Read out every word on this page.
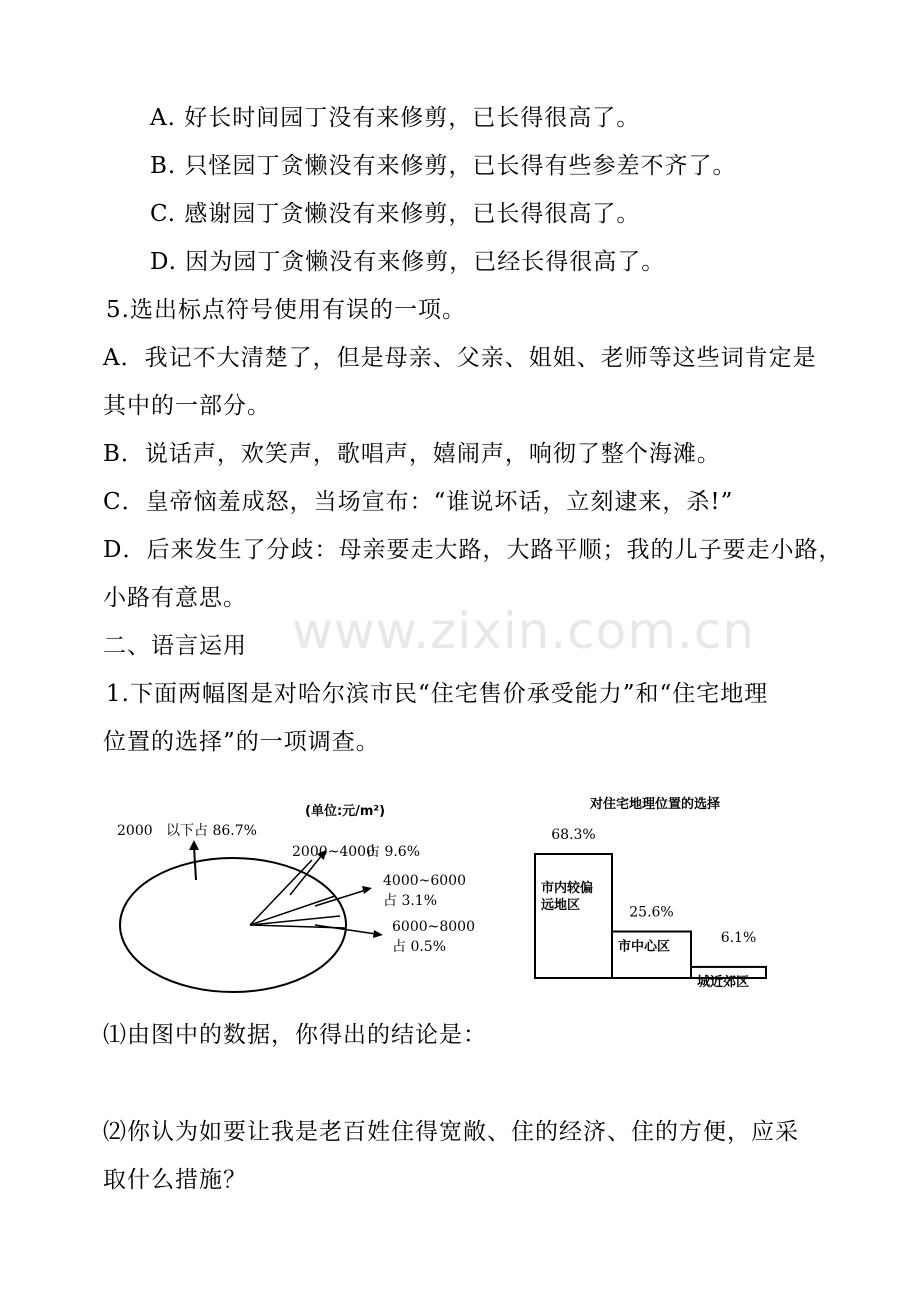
www.zixin.com.cn
A. 好长时间园丁没有来修剪，已长得很高了。
B. 只怪园丁贪懒没有来修剪，已长得有些参差不齐了。
C. 感谢园丁贪懒没有来修剪，已长得很高了。
D. 因为园丁贪懒没有来修剪，已经长得很高了。
5.选出标点符号使用有误的一项。
A．我记不大清楚了，但是母亲、父亲、姐姐、老师等这些词肯定是
其中的一部分。
B．说话声，欢笑声，歌唱声，嬉闹声，响彻了整个海滩。
C．皇帝恼羞成怒，当场宣布：“谁说坏话，立刻逮来，杀!”
D．后来发生了分歧：母亲要走大路，大路平顺；我的儿子要走小路，
小路有意思。
二、语言运用
1.下面两幅图是对哈尔滨市民“住宅售价承受能力”和“住宅地理
位置的选择”的一项调查。
(单位:元/m²)
2000 以下占 86.7%
2000~4000
占 9.6%
4000~6000
占 3.1%
6000~8000
占 0.5%
对住宅地理位置的选择
68.3%
市内较偏远地区	25.6%
市中心区
6.1%
城近郊区
⑴由图中的数据，你得出的结论是：
⑵你认为如要让我是老百姓住得宽敞、住的经济、住的方便，应采
取什么措施？
